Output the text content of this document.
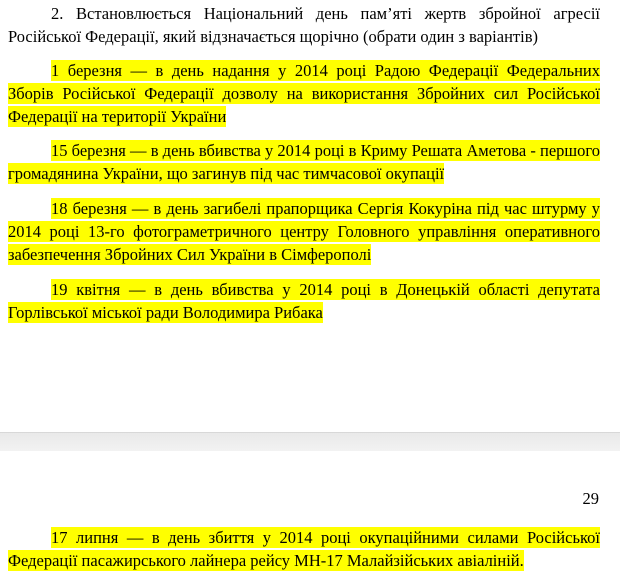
2. Встановлюється Національний день пам’яті жертв збройної агресії Російської Федерації, який відзначається щорічно (обрати один з варіантів)

1 березня — в день надання у 2014 році Радою Федерації Федеральних Зборів Російської Федерації дозволу на використання Збройних сил Російської Федерації на території України

15 березня — в день вбивства у 2014 році в Криму Решата Аметова - першого громадянина України, що загинув під час тимчасової окупації

18 березня — в день загибелі прапорщика Сергія Кокуріна під час штурму у 2014 році 13-го фотограметричного центру Головного управління оперативного забезпечення Збройних Сил України в Сімферополі

19 квітня — в день вбивства у 2014 році в Донецькій області депутата Горлівської міської ради Володимира Рибака

29

17 липня — в день збиття у 2014 році окупаційними силами Російської Федерації пасажирського лайнера рейсу МН-17 Малайзійських авіаліній.
